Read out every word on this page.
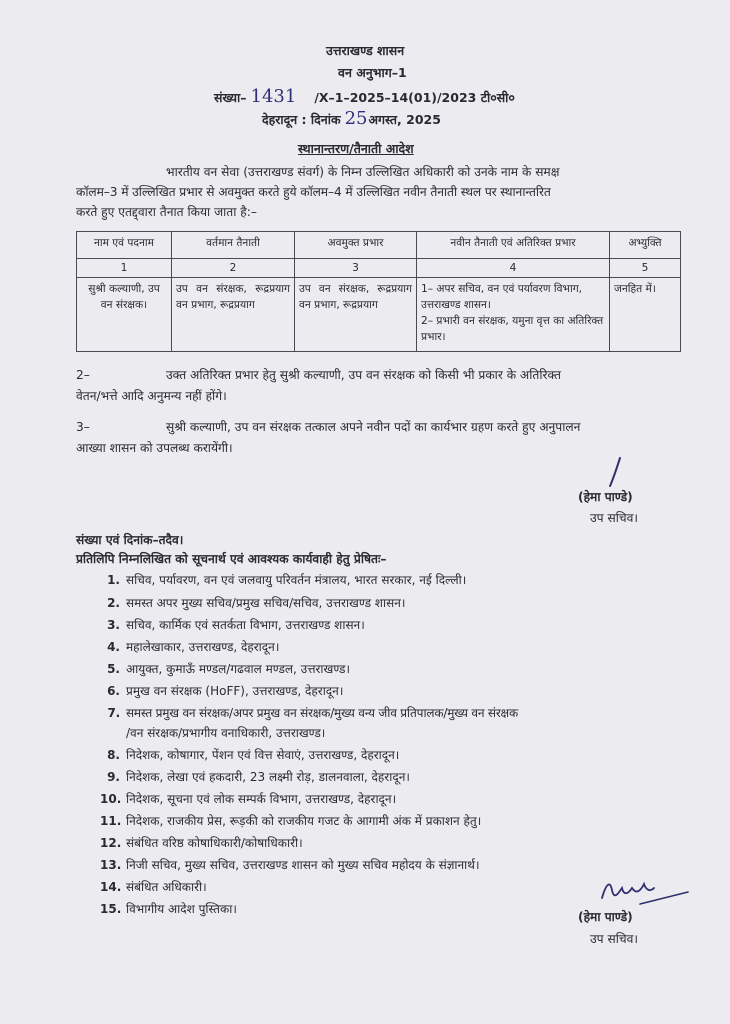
उत्तराखण्ड शासन
वन अनुभाग–1
संख्या– 1431 /X–1–2025–14(01)/2023 टी०सी०
देहरादून : दिनांक 25अगस्त, 2025
स्थानान्तरण/तैनाती आदेश
भारतीय वन सेवा (उत्तराखण्ड संवर्ग) के निम्न उल्लिखित अधिकारी को उनके नाम के समक्ष
कॉलम–3 में उल्लिखित प्रभार से अवमुक्त करते हुये कॉलम–4 में उल्लिखित नवीन तैनाती स्थल पर स्थानान्तरित
करते हुए एतद्द्वारा तैनात किया जाता है:–
नाम एवं पदनाम	वर्तमान तैनाती	अवमुक्त प्रभार	नवीन तैनाती एवं अतिरिक्त प्रभार	अभ्युक्ति
1	2	3	4	5
सुश्री कल्याणी, उप वन संरक्षक।	उप वन संरक्षक, रूद्रप्रयाग वन प्रभाग, रूद्रप्रयाग	उप वन संरक्षक, रूद्रप्रयाग वन प्रभाग, रूद्रप्रयाग	1– अपर सचिव, वन एवं पर्यावरण विभाग, उत्तराखण्ड शासन।
2– प्रभारी वन संरक्षक, यमुना वृत्त का अतिरिक्त प्रभार।	जनहित में।
2–	उक्त अतिरिक्त प्रभार हेतु सुश्री कल्याणी, उप वन संरक्षक को किसी भी प्रकार के अतिरिक्त
वेतन/भत्ते आदि अनुमन्य नहीं होंगे।
3–	सुश्री कल्याणी, उप वन संरक्षक तत्काल अपने नवीन पदों का कार्यभार ग्रहण करते हुए अनुपालन
आख्या शासन को उपलब्ध करायेंगी।
(हेमा पाण्डे)
उप सचिव।
संख्या एवं दिनांक–तदैव।
प्रतिलिपि निम्नलिखित को सूचनार्थ एवं आवश्यक कार्यवाही हेतु प्रेषितः–
1. सचिव, पर्यावरण, वन एवं जलवायु परिवर्तन मंत्रालय, भारत सरकार, नई दिल्ली।
2. समस्त अपर मुख्य सचिव/प्रमुख सचिव/सचिव, उत्तराखण्ड शासन।
3. सचिव, कार्मिक एवं सतर्कता विभाग, उत्तराखण्ड शासन।
4. महालेखाकार, उत्तराखण्ड, देहरादून।
5. आयुक्त, कुमाऊँ मण्डल/गढवाल मण्डल, उत्तराखण्ड।
6. प्रमुख वन संरक्षक (HoFF), उत्तराखण्ड, देहरादून।
7. समस्त प्रमुख वन संरक्षक/अपर प्रमुख वन संरक्षक/मुख्य वन्य जीव प्रतिपालक/मुख्य वन संरक्षक
/वन संरक्षक/प्रभागीय वनाधिकारी, उत्तराखण्ड।
8. निदेशक, कोषागार, पेंशन एवं वित्त सेवाएं, उत्तराखण्ड, देहरादून।
9. निदेशक, लेखा एवं हकदारी, 23 लक्ष्मी रोड़, डालनवाला, देहरादून।
10. निदेशक, सूचना एवं लोक सम्पर्क विभाग, उत्तराखण्ड, देहरादून।
11. निदेशक, राजकीय प्रेस, रूड़की को राजकीय गजट के आगामी अंक में प्रकाशन हेतु।
12. संबंधित वरिष्ठ कोषाधिकारी/कोषाधिकारी।
13. निजी सचिव, मुख्य सचिव, उत्तराखण्ड शासन को मुख्य सचिव महोदय के संज्ञानार्थ।
14. संबंधित अधिकारी।
15. विभागीय आदेश पुस्तिका।
(हेमा पाण्डे)
उप सचिव।
